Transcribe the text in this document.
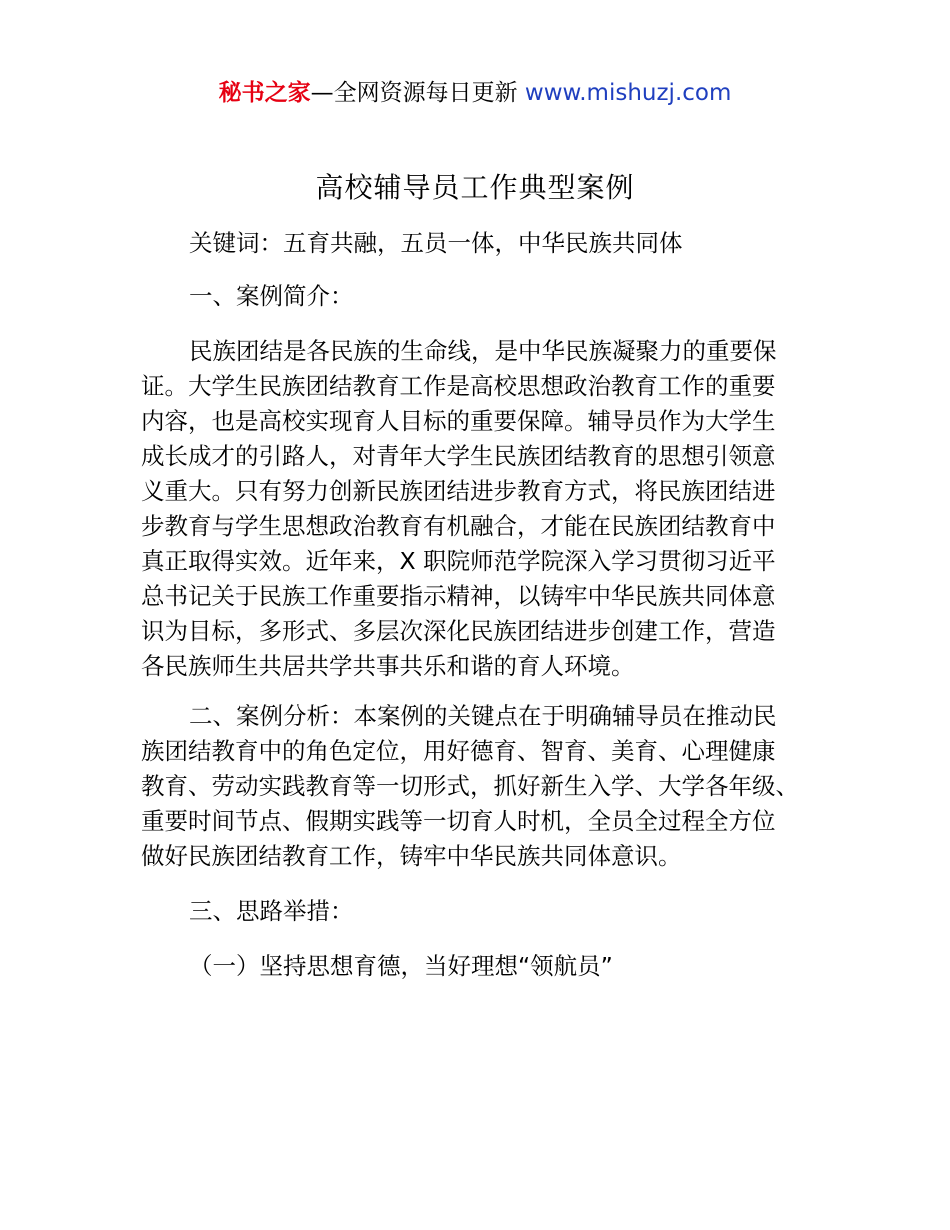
秘书之家—全网资源每日更新 www.mishuzj.com
高校辅导员工作典型案例
关键词：五育共融，五员一体，中华民族共同体
一、案例简介：
民族团结是各民族的生命线，是中华民族凝聚力的重要保
证。大学生民族团结教育工作是高校思想政治教育工作的重要
内容，也是高校实现育人目标的重要保障。辅导员作为大学生
成长成才的引路人，对青年大学生民族团结教育的思想引领意
义重大。只有努力创新民族团结进步教育方式，将民族团结进
步教育与学生思想政治教育有机融合，才能在民族团结教育中
真正取得实效。近年来，X 职院师范学院深入学习贯彻习近平
总书记关于民族工作重要指示精神，以铸牢中华民族共同体意
识为目标，多形式、多层次深化民族团结进步创建工作，营造
各民族师生共居共学共事共乐和谐的育人环境。
二、案例分析：本案例的关键点在于明确辅导员在推动民
族团结教育中的角色定位，用好德育、智育、美育、心理健康
教育、劳动实践教育等一切形式，抓好新生入学、大学各年级、
重要时间节点、假期实践等一切育人时机，全员全过程全方位
做好民族团结教育工作，铸牢中华民族共同体意识。
三、思路举措：
（一）坚持思想育德，当好理想“领航员”
